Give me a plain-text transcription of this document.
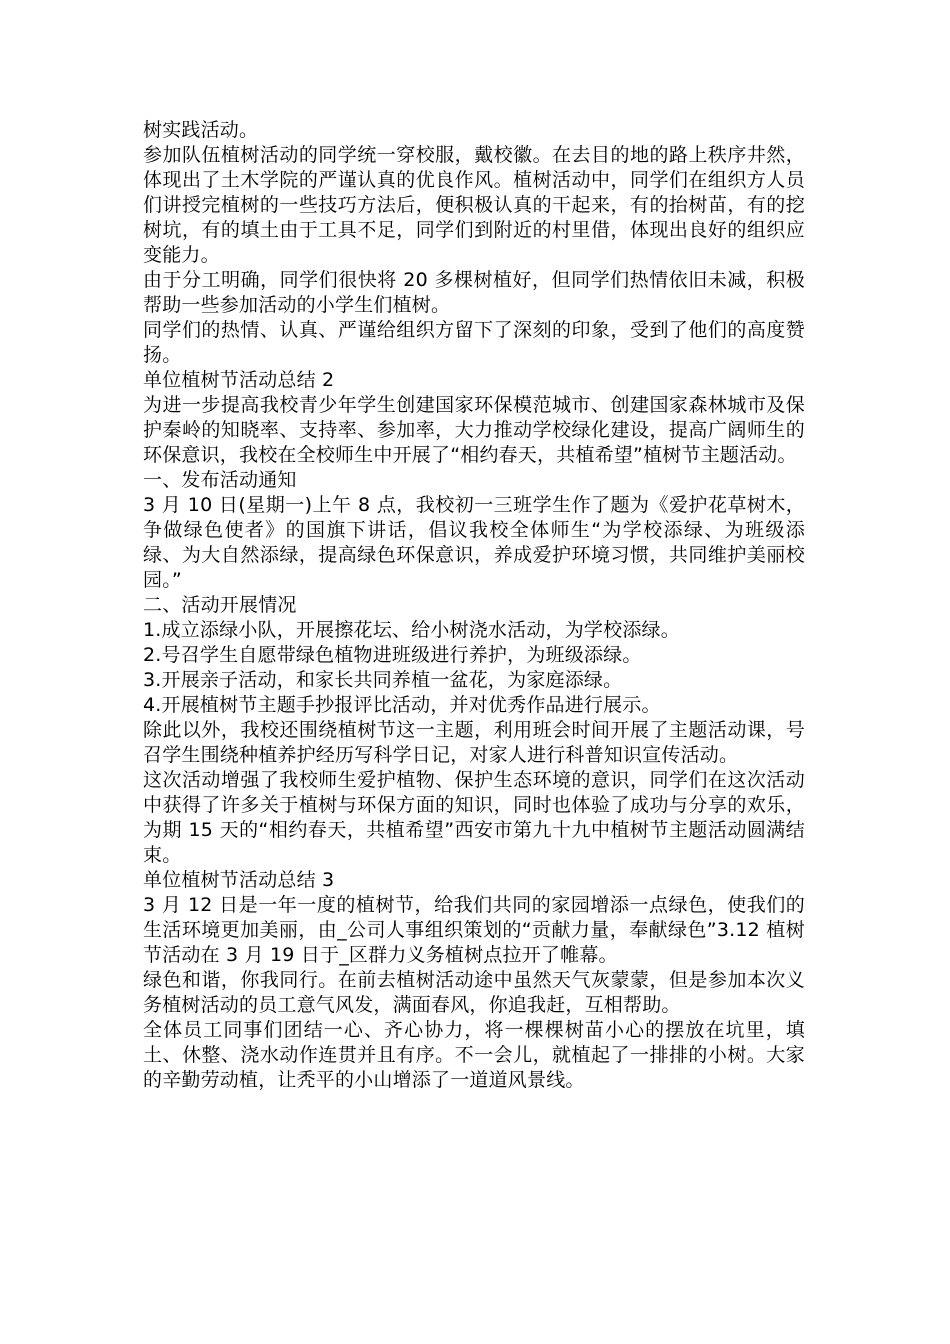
树实践活动。

参加队伍植树活动的同学统一穿校服，戴校徽。在去目的地的路上秩序井然，体现出了土木学院的严谨认真的优良作风。植树活动中，同学们在组织方人员们讲授完植树的一些技巧方法后，便积极认真的干起来，有的抬树苗，有的挖树坑，有的填土由于工具不足，同学们到附近的村里借，体现出良好的组织应变能力。

由于分工明确，同学们很快将 20 多棵树植好，但同学们热情依旧未减，积极帮助一些参加活动的小学生们植树。

同学们的热情、认真、严谨给组织方留下了深刻的印象，受到了他们的高度赞扬。

单位植树节活动总结 2

为进一步提高我校青少年学生创建国家环保模范城市、创建国家森林城市及保护秦岭的知晓率、支持率、参加率，大力推动学校绿化建设，提高广阔师生的环保意识，我校在全校师生中开展了“相约春天，共植希望”植树节主题活动。

一、发布活动通知

3 月 10 日(星期一)上午 8 点，我校初一三班学生作了题为《爱护花草树木，争做绿色使者》的国旗下讲话，倡议我校全体师生“为学校添绿、为班级添绿、为大自然添绿，提高绿色环保意识，养成爱护环境习惯，共同维护美丽校园。”

二、活动开展情况

1.成立添绿小队，开展擦花坛、给小树浇水活动，为学校添绿。

2.号召学生自愿带绿色植物进班级进行养护，为班级添绿。

3.开展亲子活动，和家长共同养植一盆花，为家庭添绿。

4.开展植树节主题手抄报评比活动，并对优秀作品进行展示。

除此以外，我校还围绕植树节这一主题，利用班会时间开展了主题活动课，号召学生围绕种植养护经历写科学日记，对家人进行科普知识宣传活动。

这次活动增强了我校师生爱护植物、保护生态环境的意识，同学们在这次活动中获得了许多关于植树与环保方面的知识，同时也体验了成功与分享的欢乐，为期 15 天的“相约春天，共植希望”西安市第九十九中植树节主题活动圆满结束。

单位植树节活动总结 3

3 月 12 日是一年一度的植树节，给我们共同的家园增添一点绿色，使我们的生活环境更加美丽，由_公司人事组织策划的“贡献力量，奉献绿色”3.12 植树节活动在 3 月 19 日于_区群力义务植树点拉开了帷幕。

绿色和谐，你我同行。在前去植树活动途中虽然天气灰蒙蒙，但是参加本次义务植树活动的员工意气风发，满面春风，你追我赶，互相帮助。

全体员工同事们团结一心、齐心协力，将一棵棵树苗小心的摆放在坑里，填土、休整、浇水动作连贯并且有序。不一会儿，就植起了一排排的小树。大家的辛勤劳动植，让秃平的小山增添了一道道风景线。
